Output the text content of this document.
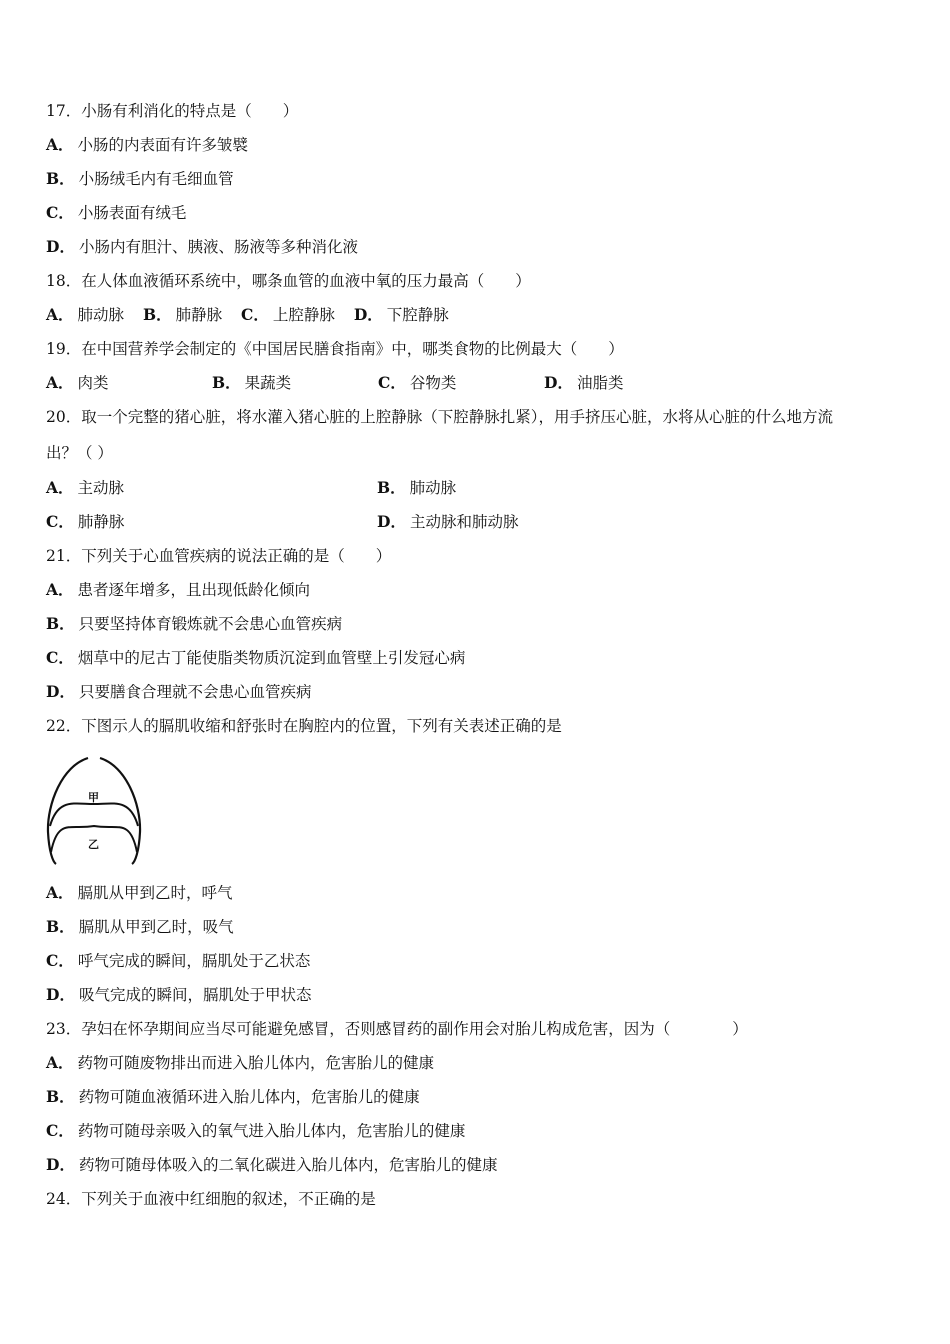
17．小肠有利消化的特点是（　　）
A． 小肠的内表面有许多皱襞
B． 小肠绒毛内有毛细血管
C． 小肠表面有绒毛
D． 小肠内有胆汁、胰液、肠液等多种消化液
18．在人体血液循环系统中，哪条血管的血液中氧的压力最高（　　）
A． 肺动脉 B． 肺静脉 C． 上腔静脉 D． 下腔静脉
19．在中国营养学会制定的《中国居民膳食指南》中，哪类食物的比例最大（　　）
A． 肉类	B． 果蔬类	C． 谷物类	D． 油脂类
20．取一个完整的猪心脏，将水灌入猪心脏的上腔静脉（下腔静脉扎紧），用手挤压心脏，水将从心脏的什么地方流
出？（ ）
A． 主动脉	B． 肺动脉
C． 肺静脉	D． 主动脉和肺动脉
21．下列关于心血管疾病的说法正确的是（　　）
A． 患者逐年增多，且出现低龄化倾向
B． 只要坚持体育锻炼就不会患心血管疾病
C． 烟草中的尼古丁能使脂类物质沉淀到血管壁上引发冠心病
D． 只要膳食合理就不会患心血管疾病
22．下图示人的膈肌收缩和舒张时在胸腔内的位置，下列有关表述正确的是
甲
乙
A． 膈肌从甲到乙时，呼气
B． 膈肌从甲到乙时，吸气
C． 呼气完成的瞬间，膈肌处于乙状态
D． 吸气完成的瞬间，膈肌处于甲状态
23．孕妇在怀孕期间应当尽可能避免感冒，否则感冒药的副作用会对胎儿构成危害，因为（　　　　）
A． 药物可随废物排出而进入胎儿体内，危害胎儿的健康
B． 药物可随血液循环进入胎儿体内，危害胎儿的健康
C． 药物可随母亲吸入的氧气进入胎儿体内，危害胎儿的健康
D． 药物可随母体吸入的二氧化碳进入胎儿体内，危害胎儿的健康
24．下列关于血液中红细胞的叙述，不正确的是
